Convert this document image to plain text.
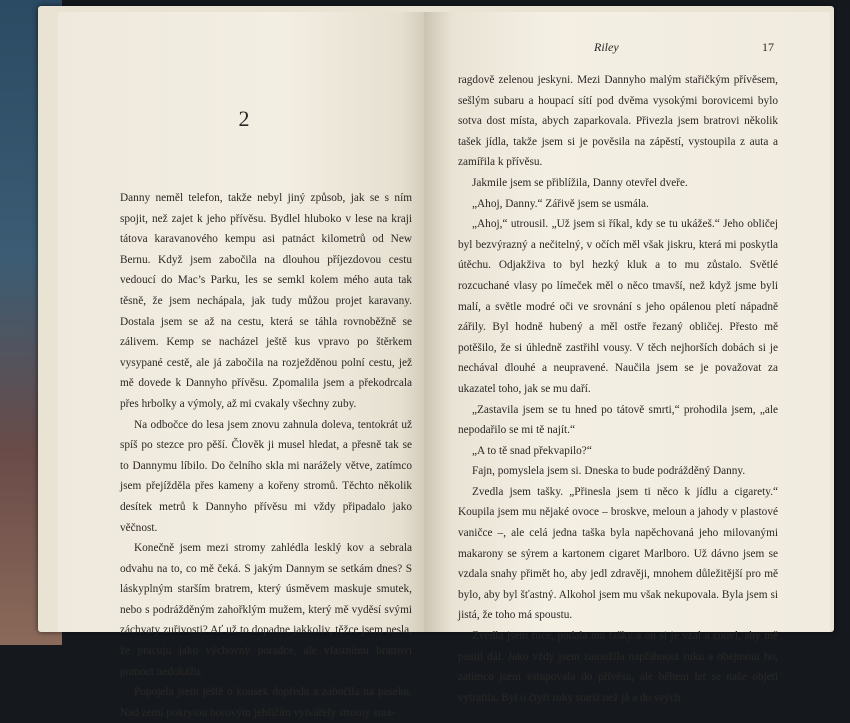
2

Danny neměl telefon, takže nebyl jiný způsob, jak se s ním spojit, než zajet k jeho přívěsu. Bydlel hluboko v lese na kraji tátova karavanového kempu asi patnáct kilometrů od New Bernu. Když jsem zabočila na dlouhou příjezdovou cestu vedoucí do Mac’s Parku, les se semkl kolem mého auta tak těsně, že jsem nechápala, jak tudy můžou projet karavany. Dostala jsem se až na cestu, která se táhla rovnoběžně se zálivem. Kemp se nacházel ještě kus vpravo po štěrkem vysypané cestě, ale já zabočila na rozježděnou polní cestu, jež mě dovede k Dannyho přívěsu. Zpomalila jsem a překodrcala přes hrbolky a výmoly, až mi cvakaly všechny zuby.

Na odbočce do lesa jsem znovu zahnula doleva, tentokrát už spíš po stezce pro pěší. Člověk ji musel hledat, a přesně tak se to Dannymu líbilo. Do čelního skla mi narážely větve, zatímco jsem přejížděla přes kameny a kořeny stromů. Těchto několik desítek metrů k Dannyho přívěsu mi vždy připadalo jako věčnost.

Konečně jsem mezi stromy zahlédla lesklý kov a sebrala odvahu na to, co mě čeká. S jakým Dannym se setkám dnes? S láskyplným starším bratrem, který úsměvem maskuje smutek, nebo s podrážděným zahořklým mužem, který mě vyděsí svými záchvaty zuřivosti? Ať už to dopadne jakkoliv, těžce jsem nesla, že pracuju jako výchovný poradce, ale vlastnímu bratrovi pomoct nedokážu.

Popojela jsem ještě o kousek dopředu a zabočila na paseku. Nad zemí pokrytou borovým jehličím vytvářely stromy sma-

Riley	17

ragdově zelenou jeskyni. Mezi Dannyho malým stařičkým přívěsem, sešlým subaru a houpací sítí pod dvěma vysokými borovicemi bylo sotva dost místa, abych zaparkovala. Přivezla jsem bratrovi několik tašek jídla, takže jsem si je pověsila na zápěstí, vystoupila z auta a zamířila k přívěsu.

Jakmile jsem se přiblížila, Danny otevřel dveře.

„Ahoj, Danny.“ Zářivě jsem se usmála.

„Ahoj,“ utrousil. „Už jsem si říkal, kdy se tu ukážeš.“ Jeho obličej byl bezvýrazný a nečitelný, v očích měl však jiskru, která mi poskytla útěchu. Odjakživa to byl hezký kluk a to mu zůstalo. Světlé rozcuchané vlasy po límeček měl o něco tmavší, než když jsme byli malí, a světle modré oči ve srovnání s jeho opálenou pletí nápadně zářily. Byl hodně hubený a měl ostře řezaný obličej. Přesto mě potěšilo, že si úhledně zastřihl vousy. V těch nejhorších dobách si je nechával dlouhé a neupravené. Naučila jsem se je považovat za ukazatel toho, jak se mu daří.

„Zastavila jsem se tu hned po tátově smrti,“ prohodila jsem, „ale nepodařilo se mi tě najít.“

„A to tě snad překvapilo?“

Fajn, pomyslela jsem si. Dneska to bude podrážděný Danny.

Zvedla jsem tašky. „Přinesla jsem ti něco k jídlu a cigarety.“ Koupila jsem mu nějaké ovoce – broskve, meloun a jahody v plastové vaničce –, ale celá jedna taška byla napěchovaná jeho milovanými makarony se sýrem a kartonem cigaret Marlboro. Už dávno jsem se vzdala snahy přimět ho, aby jedl zdravěji, mnohem důležitější pro mě bylo, aby byl šťastný. Alkohol jsem mu však nekupovala. Byla jsem si jistá, že toho má spoustu.

Zvedla jsem ruce, podala mu tašky a on si je vzal a couvl, aby mě pustil dál. Jako vždy jsem zatoužila napřáhnout ruku a obejmout ho, zatímco jsem vstupovala do přívěsu, ale během let se naše objetí vytratila. Byl o čtyři roky starší než já a do svých
